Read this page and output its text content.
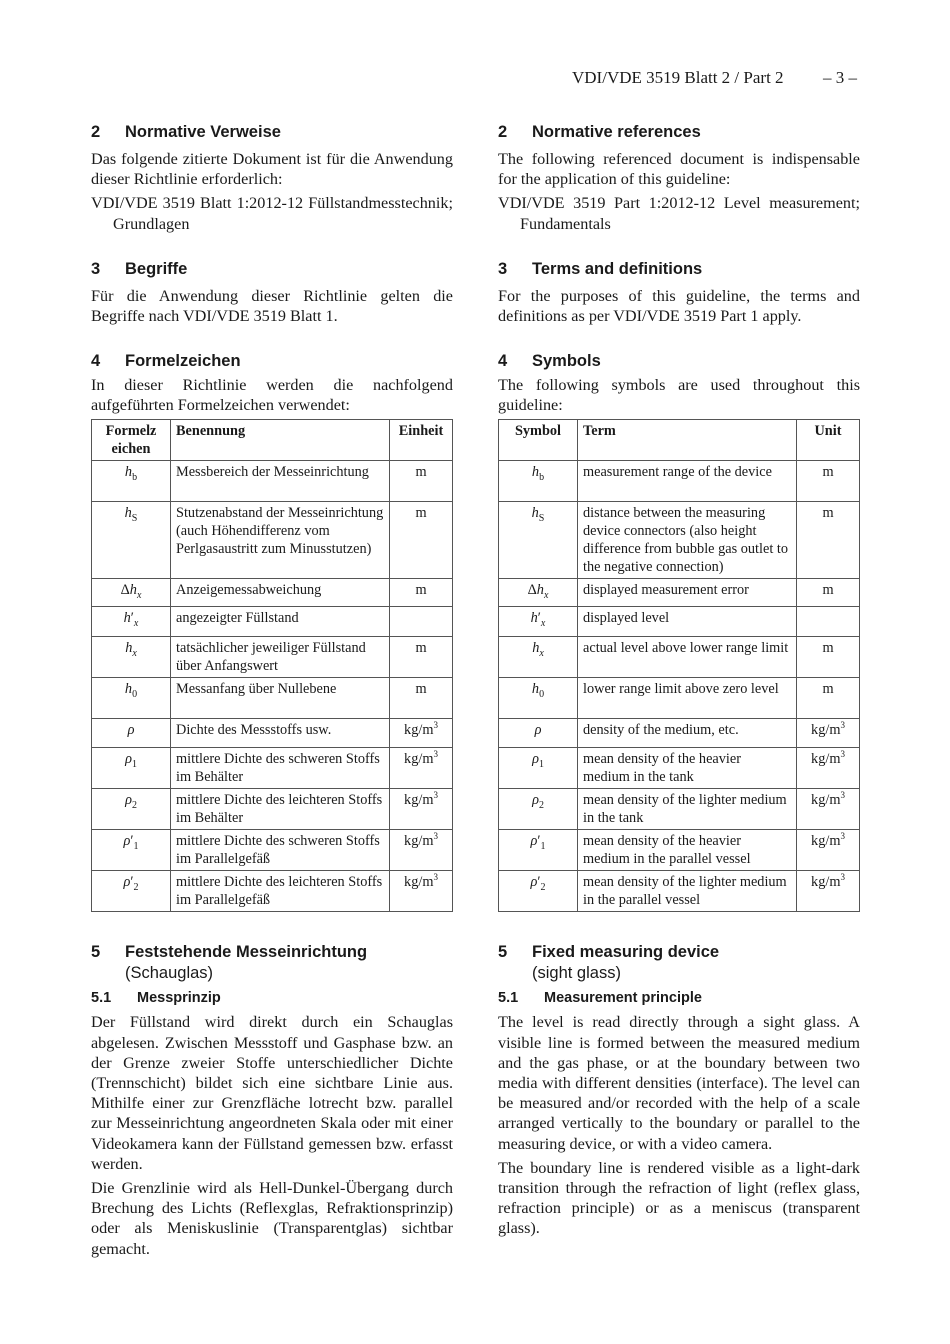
VDI/VDE 3519 Blatt 2 / Part 2 – 3 –
2	Normative Verweise

Das folgende zitierte Dokument ist für die Anwendung dieser Richtlinie erforderlich:

VDI/VDE 3519 Blatt 1:2012-12 Füllstandmesstechnik; Grundlagen

3	Begriffe

Für die Anwendung dieser Richtlinie gelten die Begriffe nach VDI/VDE 3519 Blatt 1.

4	Formelzeichen

In dieser Richtlinie werden die nachfolgend aufgeführten Formelzeichen verwendet:

Formelzeichen	Benennung	Einheit
$h_b$	Messbereich der Messeinrichtung	m
$h_S$	Stutzenabstand der Messeinrichtung (auch Höhendifferenz vom Perlgasaustritt zum Minusstutzen)	m
$\Delta h_x$	Anzeigemessabweichung	m
$h'_x$	angezeigter Füllstand	
$h_x$	tatsächlicher jeweiliger Füllstand über Anfangswert	m
$h_0$	Messanfang über Nullebene	m
ρ	Dichte des Messstoffs usw.	$kg/m^3$
$\rho_1$	mittlere Dichte des schweren Stoffs im Behälter	$kg/m^3$
$\rho_2$	mittlere Dichte des leichteren Stoffs im Behälter	$kg/m^3$
$\rho'_1$	mittlere Dichte des schweren Stoffs im Parallelgefäß	$kg/m^3$
$\rho'_2$	mittlere Dichte des leichteren Stoffs im Parallelgefäß	$kg/m^3$
5	Feststehende Messeinrichtung
(Schauglas)
5.1	Messprinzip

Der Füllstand wird direkt durch ein Schauglas abgelesen. Zwischen Messstoff und Gasphase bzw. an der Grenze zweier Stoffe unterschiedlicher Dichte (Trennschicht) bildet sich eine sichtbare Linie aus. Mithilfe einer zur Grenzfläche lotrecht bzw. parallel zur Messeinrichtung angeordneten Skala oder mit einer Videokamera kann der Füllstand gemessen bzw. erfasst werden.

Die Grenzlinie wird als Hell-Dunkel-Übergang durch Brechung des Lichts (Reflexglas, Refraktionsprinzip) oder als Meniskuslinie (Transparentglas) sichtbar gemacht.

2	Normative references

The following referenced document is indispensable for the application of this guideline:

VDI/VDE 3519 Part 1:2012-12 Level measurement; Fundamentals

3	Terms and definitions

For the purposes of this guideline, the terms and definitions as per VDI/VDE 3519 Part 1 apply.

4	Symbols

The following symbols are used throughout this guideline:

Symbol	Term	Unit
$h_b$	measurement range of the device	m
$h_S$	distance between the measuring device connectors (also height difference from bubble gas outlet to the negative connection)	m
$\Delta h_x$	displayed measurement error	m
$h'_x$	displayed level	
$h_x$	actual level above lower range limit	m
$h_0$	lower range limit above zero level	m
ρ	density of the medium, etc.	$kg/m^3$
$\rho_1$	mean density of the heavier medium in the tank	$kg/m^3$
$\rho_2$	mean density of the lighter medium in the tank	$kg/m^3$
$\rho'_1$	mean density of the heavier medium in the parallel vessel	$kg/m^3$
$\rho'_2$	mean density of the lighter medium in the parallel vessel	$kg/m^3$
5	Fixed measuring device
(sight glass)
5.1	Measurement principle

The level is read directly through a sight glass. A visible line is formed between the measured medium and the gas phase, or at the boundary between two media with different densities (interface). The level can be measured and/or recorded with the help of a scale arranged vertically to the boundary or parallel to the measuring device, or with a video camera.

The boundary line is rendered visible as a light-dark transition through the refraction of light (reflex glass, refraction principle) or as a meniscus (transparent glass).
